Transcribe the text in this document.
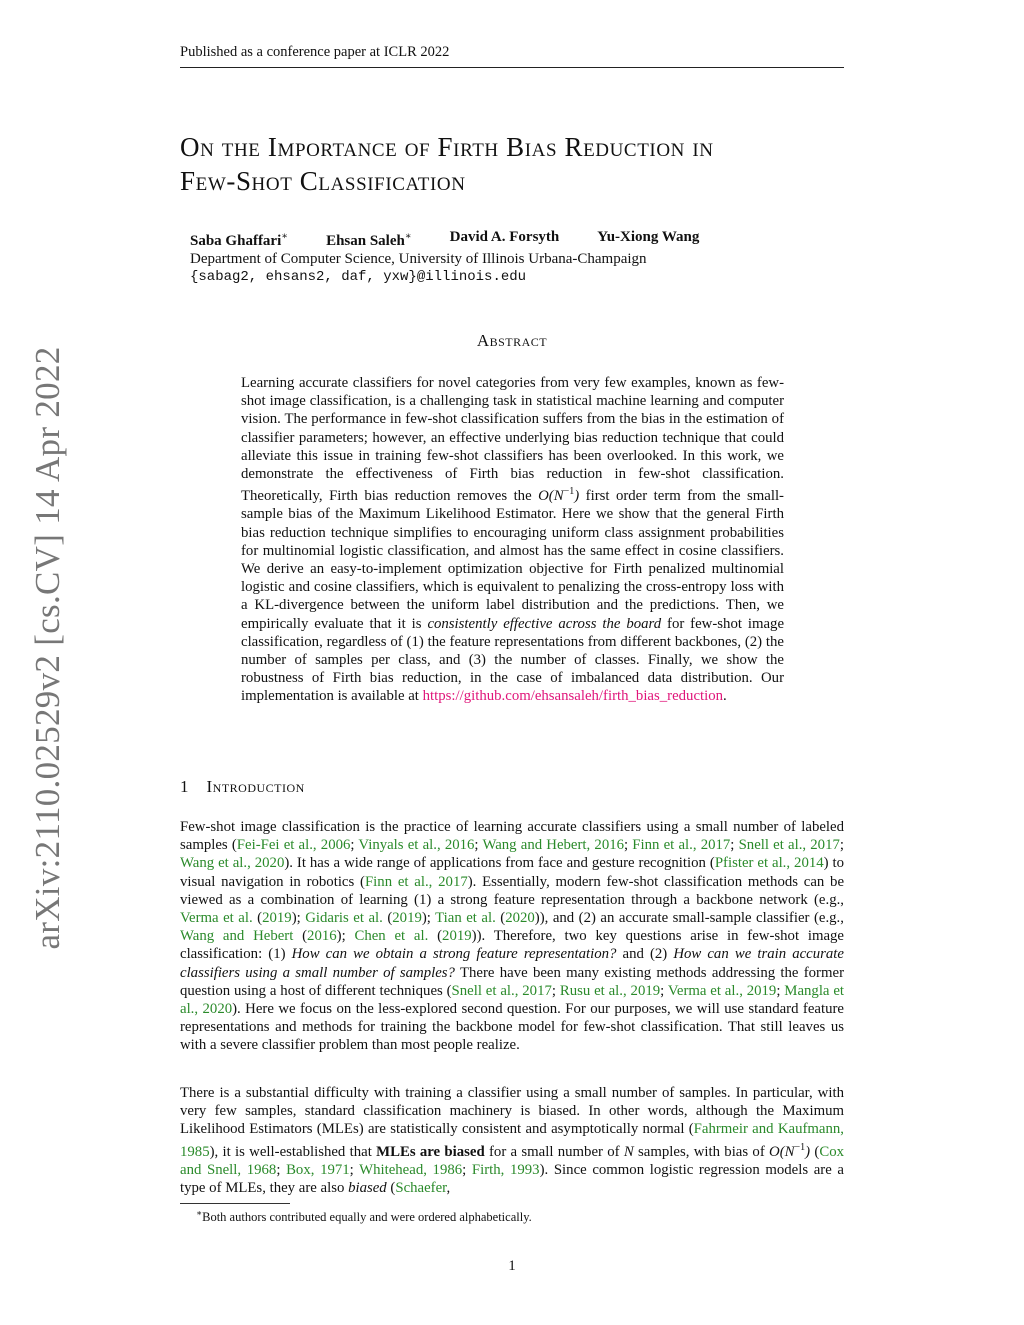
Published as a conference paper at ICLR 2022
arXiv:2110.02529v2 [cs.CV] 14 Apr 2022
On the Importance of Firth Bias Reduction in
Few-Shot Classification
Saba Ghaffari∗	Ehsan Saleh∗	David A. Forsyth	Yu-Xiong Wang
Department of Computer Science, University of Illinois Urbana-Champaign
{sabag2, ehsans2, daf, yxw}@illinois.edu
Abstract

Learning accurate classifiers for novel categories from very few examples, known as few-shot image classification, is a challenging task in statistical machine learning and computer vision. The performance in few-shot classification suffers from the bias in the estimation of classifier parameters; however, an effective underlying bias reduction technique that could alleviate this issue in training few-shot classifiers has been overlooked. In this work, we demonstrate the effectiveness of Firth bias reduction in few-shot classification. Theoretically, Firth bias reduction removes the $O(N^{-1})$ first order term from the small-sample bias of the Maximum Likelihood Estimator. Here we show that the general Firth bias reduction technique simplifies to encouraging uniform class assignment probabilities for multinomial logistic classification, and almost has the same effect in cosine classifiers. We derive an easy-to-implement optimization objective for Firth penalized multinomial logistic and cosine classifiers, which is equivalent to penalizing the cross-entropy loss with a KL-divergence between the uniform label distribution and the predictions. Then, we empirically evaluate that it is consistently effective across the board for few-shot image classification, regardless of (1) the feature representations from different backbones, (2) the number of samples per class, and (3) the number of classes. Finally, we show the robustness of Firth bias reduction, in the case of imbalanced data distribution. Our implementation is available at https://github.com/ehsansaleh/firth_bias_reduction.

1 Introduction

Few-shot image classification is the practice of learning accurate classifiers using a small number of labeled samples (Fei-Fei et al., 2006; Vinyals et al., 2016; Wang and Hebert, 2016; Finn et al., 2017; Snell et al., 2017; Wang et al., 2020). It has a wide range of applications from face and gesture recognition (Pfister et al., 2014) to visual navigation in robotics (Finn et al., 2017). Essentially, modern few-shot classification methods can be viewed as a combination of learning (1) a strong feature representation through a backbone network (e.g., Verma et al. (2019); Gidaris et al. (2019); Tian et al. (2020)), and (2) an accurate small-sample classifier (e.g., Wang and Hebert (2016); Chen et al. (2019)). Therefore, two key questions arise in few-shot image classification: (1) How can we obtain a strong feature representation? and (2) How can we train accurate classifiers using a small number of samples? There have been many existing methods addressing the former question using a host of different techniques (Snell et al., 2017; Rusu et al., 2019; Verma et al., 2019; Mangla et al., 2020). Here we focus on the less-explored second question. For our purposes, we will use standard feature representations and methods for training the backbone model for few-shot classification. That still leaves us with a severe classifier problem than most people realize.

There is a substantial difficulty with training a classifier using a small number of samples. In particular, with very few samples, standard classification machinery is biased. In other words, although the Maximum Likelihood Estimators (MLEs) are statistically consistent and asymptotically normal (Fahrmeir and Kaufmann, 1985), it is well-established that MLEs are biased for a small number of N samples, with bias of $O(N^{-1})$ (Cox and Snell, 1968; Box, 1971; Whitehead, 1986; Firth, 1993). Since common logistic regression models are a type of MLEs, they are also biased (Schaefer,

∗Both authors contributed equally and were ordered alphabetically.
1
